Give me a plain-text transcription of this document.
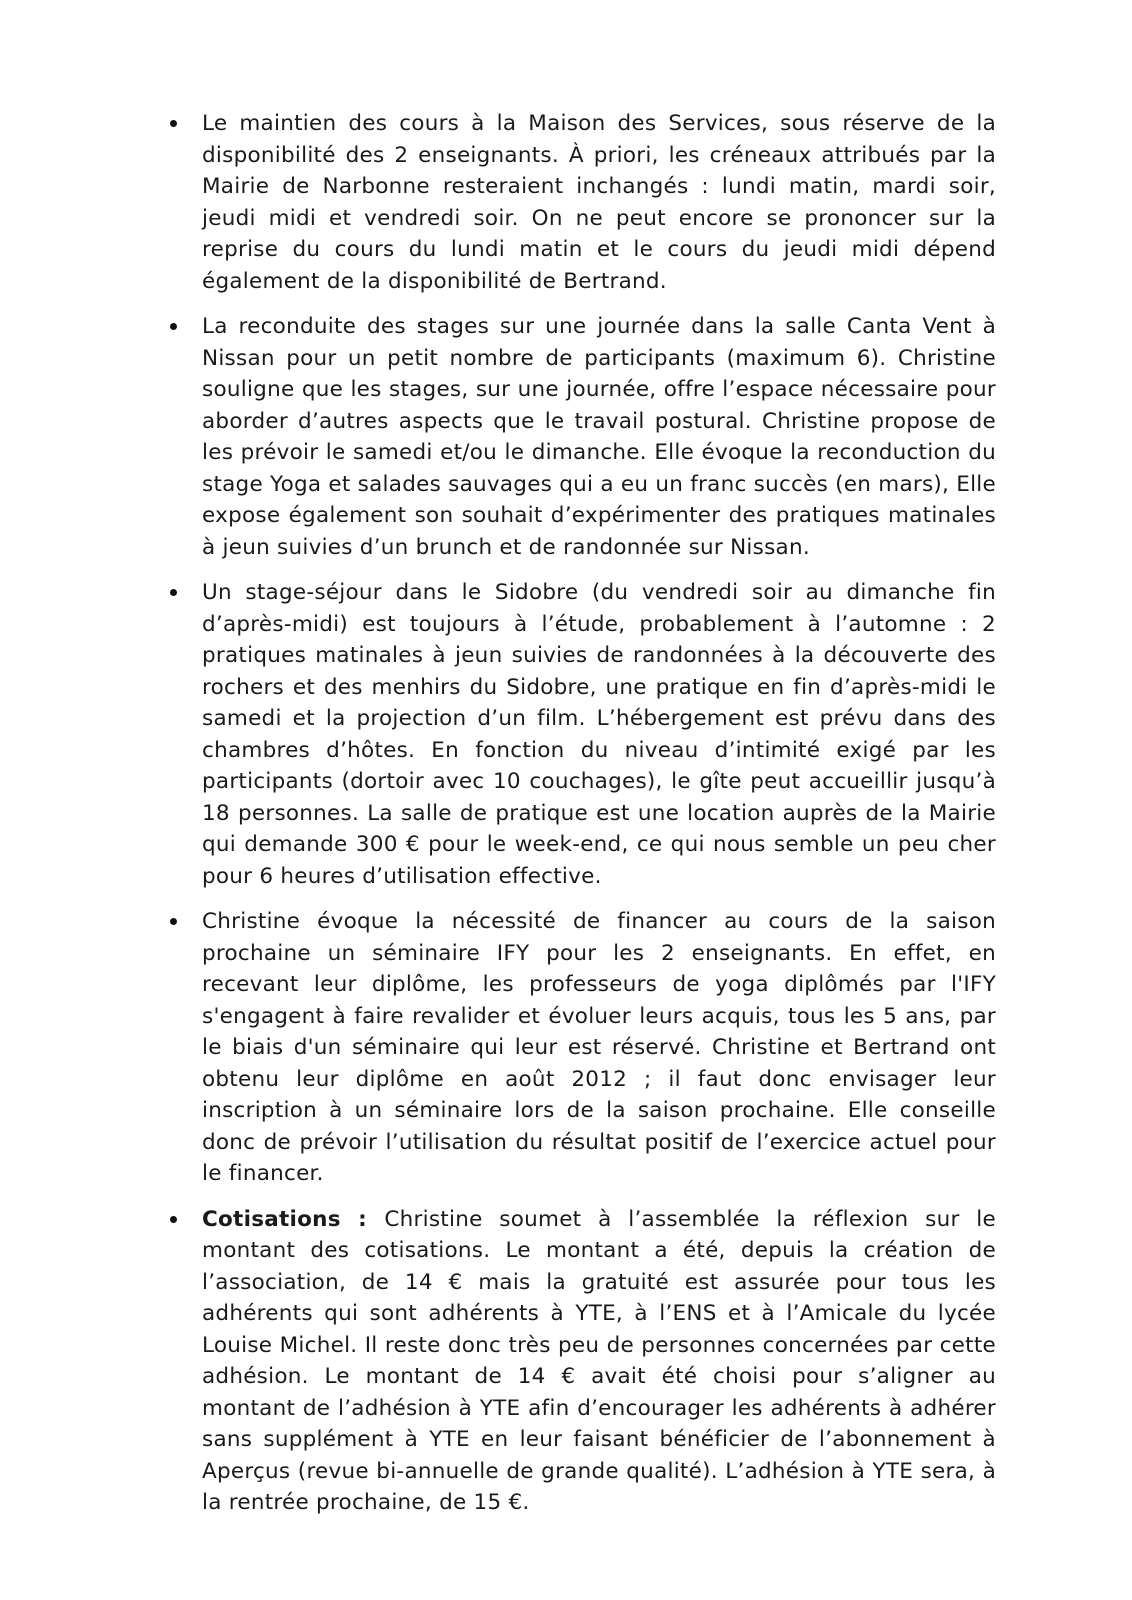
Le maintien des cours à la Maison des Services, sous réserve de la disponibilité des 2 enseignants. À priori, les créneaux attribués par la Mairie de Narbonne resteraient inchangés : lundi matin, mardi soir, jeudi midi et vendredi soir. On ne peut encore se prononcer sur la reprise du cours du lundi matin et le cours du jeudi midi dépend également de la disponibilité de Bertrand.
La reconduite des stages sur une journée dans la salle Canta Vent à Nissan pour un petit nombre de participants (maximum 6). Christine souligne que les stages, sur une journée, offre l’espace nécessaire pour aborder d’autres aspects que le travail postural. Christine propose de les prévoir le samedi et/ou le dimanche. Elle évoque la reconduction du stage Yoga et salades sauvages qui a eu un franc succès (en mars), Elle expose également son souhait d’expérimenter des pratiques matinales à jeun suivies d’un brunch et de randonnée sur Nissan.
Un stage-séjour dans le Sidobre (du vendredi soir au dimanche fin d’après-midi) est toujours à l’étude, probablement à l’automne : 2 pratiques matinales à jeun suivies de randonnées à la découverte des rochers et des menhirs du Sidobre, une pratique en fin d’après-midi le samedi et la projection d’un film. L’hébergement est prévu dans des chambres d’hôtes. En fonction du niveau d’intimité exigé par les participants (dortoir avec 10 couchages), le gîte peut accueillir jusqu’à 18 personnes. La salle de pratique est une location auprès de la Mairie qui demande 300 € pour le week-end, ce qui nous semble un peu cher pour 6 heures d’utilisation effective.
Christine évoque la nécessité de financer au cours de la saison prochaine un séminaire IFY pour les 2 enseignants. En effet, en recevant leur diplôme, les professeurs de yoga diplômés par l'IFY s'engagent à faire revalider et évoluer leurs acquis, tous les 5 ans, par le biais d'un séminaire qui leur est réservé. Christine et Bertrand ont obtenu leur diplôme en août 2012 ; il faut donc envisager leur inscription à un séminaire lors de la saison prochaine. Elle conseille donc de prévoir l’utilisation du résultat positif de l’exercice actuel pour le financer.
Cotisations : Christine soumet à l’assemblée la réflexion sur le montant des cotisations. Le montant a été, depuis la création de l’association, de 14 € mais la gratuité est assurée pour tous les adhérents qui sont adhérents à YTE, à l’ENS et à l’Amicale du lycée Louise Michel. Il reste donc très peu de personnes concernées par cette adhésion. Le montant de 14 € avait été choisi pour s’aligner au montant de l’adhésion à YTE afin d’encourager les adhérents à adhérer sans supplément à YTE en leur faisant bénéficier de l’abonnement à Aperçus (revue bi-annuelle de grande qualité). L’adhésion à YTE sera, à la rentrée prochaine, de 15 €.
